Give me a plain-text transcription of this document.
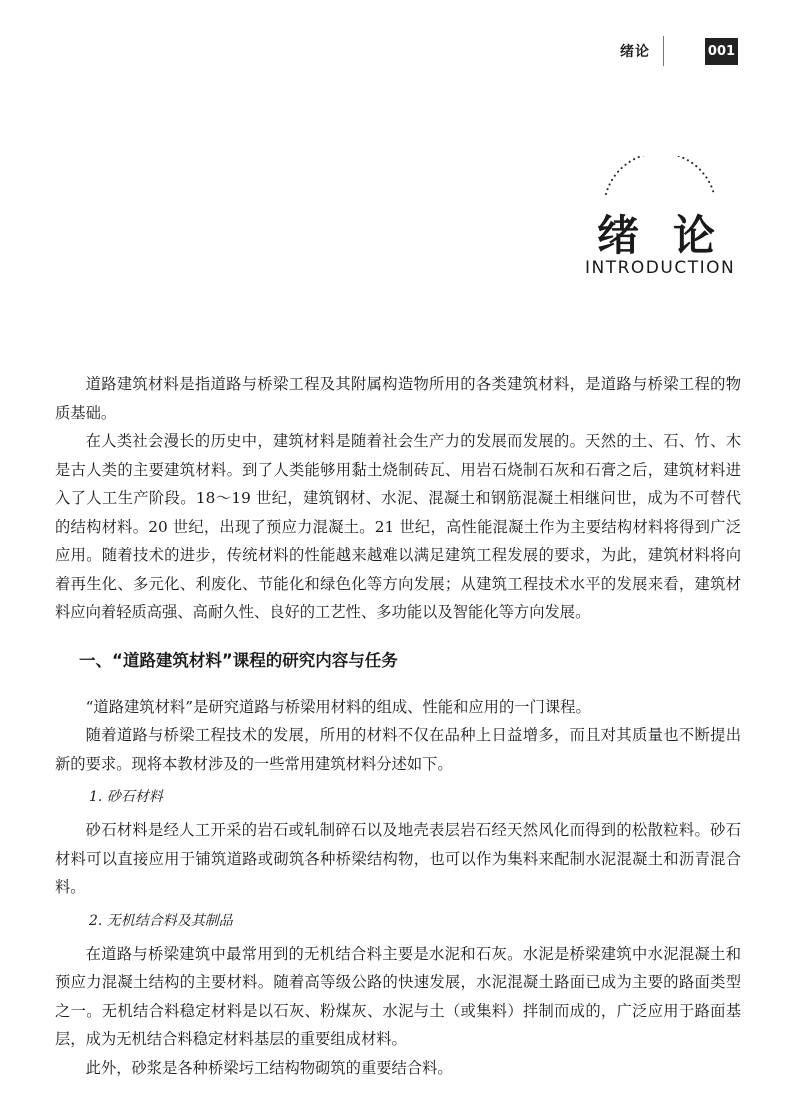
绪论	001
绪论
INTRODUCTION

道路建筑材料是指道路与桥梁工程及其附属构造物所用的各类建筑材料，是道路与桥梁工程的物质基础。

在人类社会漫长的历史中，建筑材料是随着社会生产力的发展而发展的。天然的土、石、竹、木是古人类的主要建筑材料。到了人类能够用黏土烧制砖瓦、用岩石烧制石灰和石膏之后，建筑材料进入了人工生产阶段。18～19 世纪，建筑钢材、水泥、混凝土和钢筋混凝土相继问世，成为不可替代的结构材料。20 世纪，出现了预应力混凝土。21 世纪，高性能混凝土作为主要结构材料将得到广泛应用。随着技术的进步，传统材料的性能越来越难以满足建筑工程发展的要求，为此，建筑材料将向着再生化、多元化、利废化、节能化和绿色化等方向发展；从建筑工程技术水平的发展来看，建筑材料应向着轻质高强、高耐久性、良好的工艺性、多功能以及智能化等方向发展。

一、“道路建筑材料”课程的研究内容与任务

“道路建筑材料”是研究道路与桥梁用材料的组成、性能和应用的一门课程。

随着道路与桥梁工程技术的发展，所用的材料不仅在品种上日益增多，而且对其质量也不断提出新的要求。现将本教材涉及的一些常用建筑材料分述如下。

1. 砂石材料

砂石材料是经人工开采的岩石或轧制碎石以及地壳表层岩石经天然风化而得到的松散粒料。砂石材料可以直接应用于铺筑道路或砌筑各种桥梁结构物，也可以作为集料来配制水泥混凝土和沥青混合料。

2. 无机结合料及其制品

在道路与桥梁建筑中最常用到的无机结合料主要是水泥和石灰。水泥是桥梁建筑中水泥混凝土和预应力混凝土结构的主要材料。随着高等级公路的快速发展，水泥混凝土路面已成为主要的路面类型之一。无机结合料稳定材料是以石灰、粉煤灰、水泥与土（或集料）拌制而成的，广泛应用于路面基层，成为无机结合料稳定材料基层的重要组成材料。

此外，砂浆是各种桥梁圬工结构物砌筑的重要结合料。
